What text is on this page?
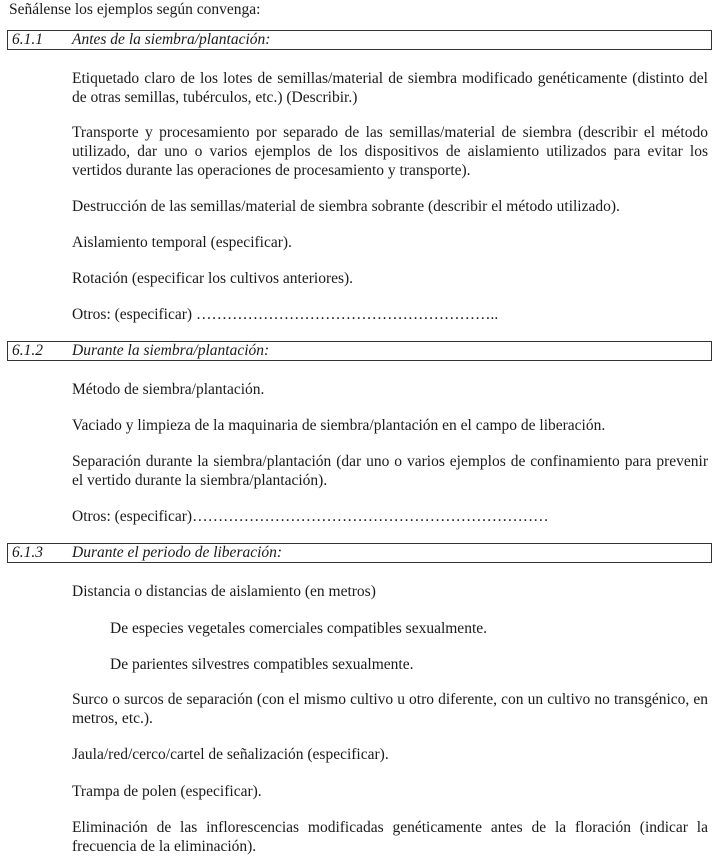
Señálense los ejemplos según convenga:
6.1.1 Antes de la siembra/plantación:
Etiquetado claro de los lotes de semillas/material de siembra modificado genéticamente (distinto del de otras semillas, tubérculos, etc.) (Describir.)
Transporte y procesamiento por separado de las semillas/material de siembra (describir el método utilizado, dar uno o varios ejemplos de los dispositivos de aislamiento utilizados para evitar los vertidos durante las operaciones de procesamiento y transporte).
Destrucción de las semillas/material de siembra sobrante (describir el método utilizado).
Aislamiento temporal (especificar).
Rotación (especificar los cultivos anteriores).
Otros: (especificar) …………………………………………………..
6.1.2 Durante la siembra/plantación:
Método de siembra/plantación.
Vaciado y limpieza de la maquinaria de siembra/plantación en el campo de liberación.
Separación durante la siembra/plantación (dar uno o varios ejemplos de confinamiento para prevenir el vertido durante la siembra/plantación).
Otros: (especificar)……………………………………………………………
6.1.3 Durante el periodo de liberación:
Distancia o distancias de aislamiento (en metros)
De especies vegetales comerciales compatibles sexualmente.
De parientes silvestres compatibles sexualmente.
Surco o surcos de separación (con el mismo cultivo u otro diferente, con un cultivo no transgénico, en metros, etc.).
Jaula/red/cerco/cartel de señalización (especificar).
Trampa de polen (especificar).
Eliminación de las inflorescencias modificadas genéticamente antes de la floración (indicar la frecuencia de la eliminación).
